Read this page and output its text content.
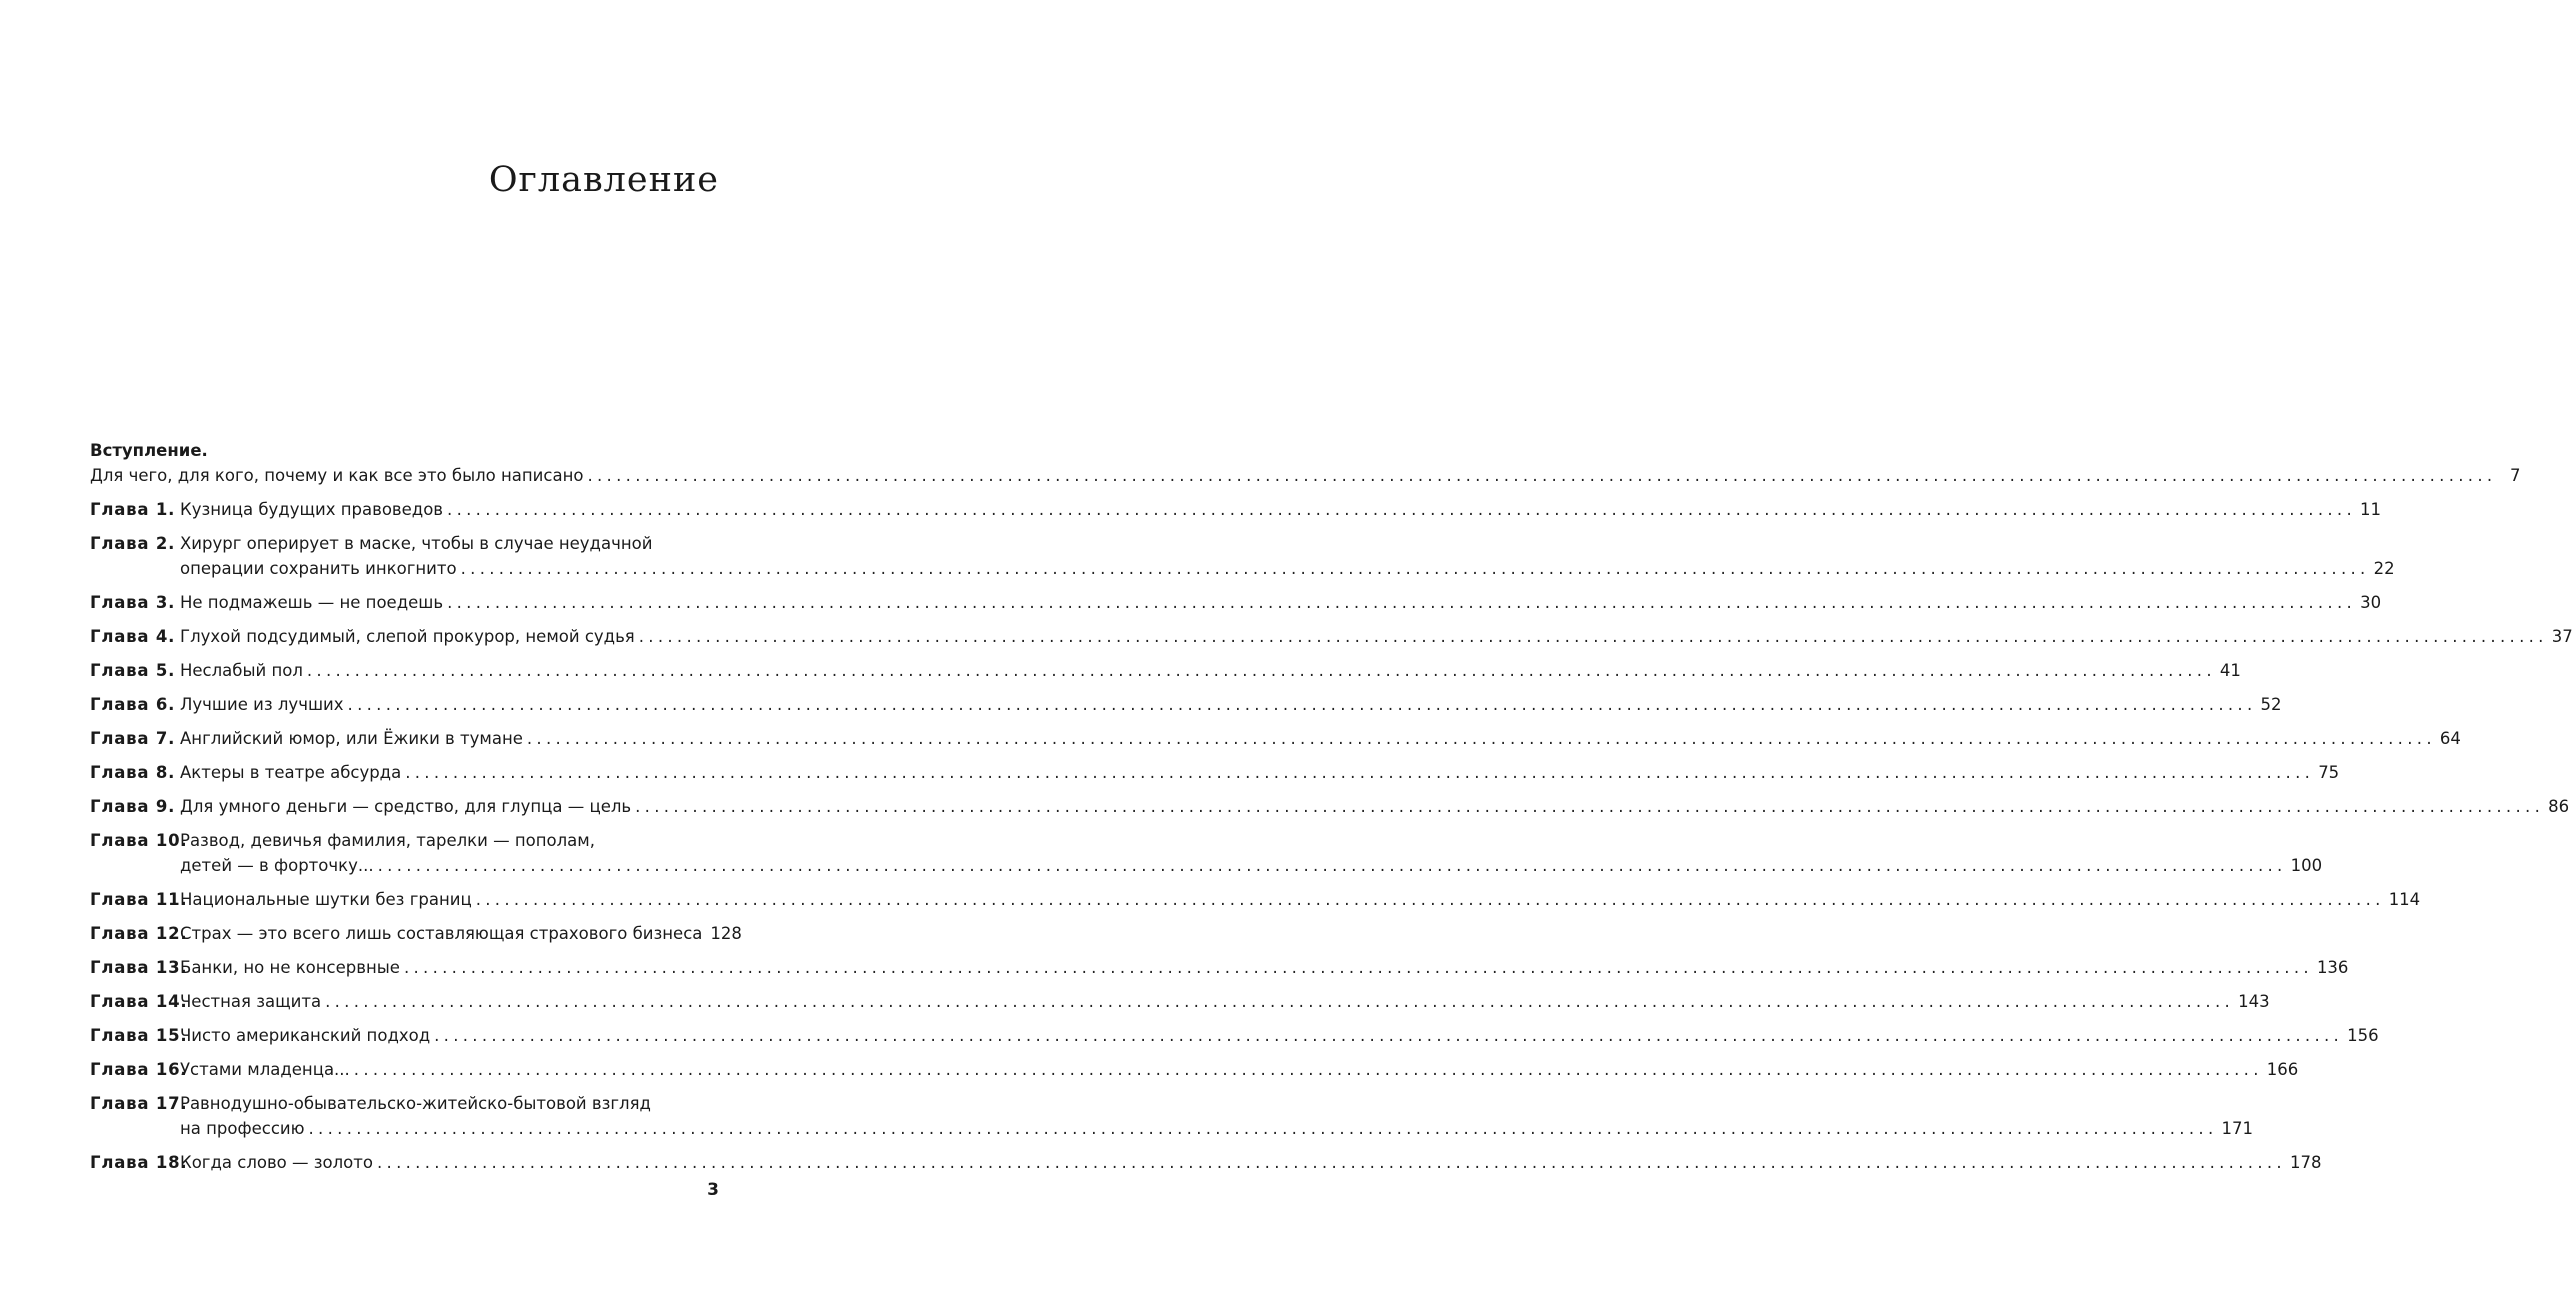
Оглавление
Вступление.
Для чего, для кого, почему и как все это было написано ........................................................................................................................................................................................................ 7
Глава 1. Кузница будущих правоведов ........................................................................................................................................................................................................ 11
Глава 2. Хирург оперирует в маске, чтобы в случае неудачной
операции сохранить инкогнито ........................................................................................................................................................................................................ 22
Глава 3. Не подмажешь — не поедешь ........................................................................................................................................................................................................ 30
Глава 4. Глухой подсудимый, слепой прокурор, немой судья ........................................................................................................................................................................................................ 37
Глава 5. Неслабый пол ........................................................................................................................................................................................................ 41
Глава 6. Лучшие из лучших ........................................................................................................................................................................................................ 52
Глава 7. Английский юмор, или Ёжики в тумане ........................................................................................................................................................................................................ 64
Глава 8. Актеры в театре абсурда ........................................................................................................................................................................................................ 75
Глава 9. Для умного деньги — средство, для глупца — цель ........................................................................................................................................................................................................ 86
Глава 10.
Развод, девичья фамилия, тарелки — пополам,
детей — в форточку... ........................................................................................................................................................................................................ 100
Глава 11.
Национальные шутки без границ ........................................................................................................................................................................................................ 114
Глава 12.
Страх — это всего лишь составляющая страхового бизнеса 128
Глава 13.
Банки, но не консервные ........................................................................................................................................................................................................ 136
Глава 14.
Честная защита ........................................................................................................................................................................................................ 143
Глава 15.
Чисто американский подход ........................................................................................................................................................................................................ 156
Глава 16.
Устами младенца... ........................................................................................................................................................................................................ 166
Глава 17.
Равнодушно-обывательско-житейско-бытовой взгляд
на профессию ........................................................................................................................................................................................................ 171
Глава 18.
Когда слово — золото ........................................................................................................................................................................................................ 178
3
